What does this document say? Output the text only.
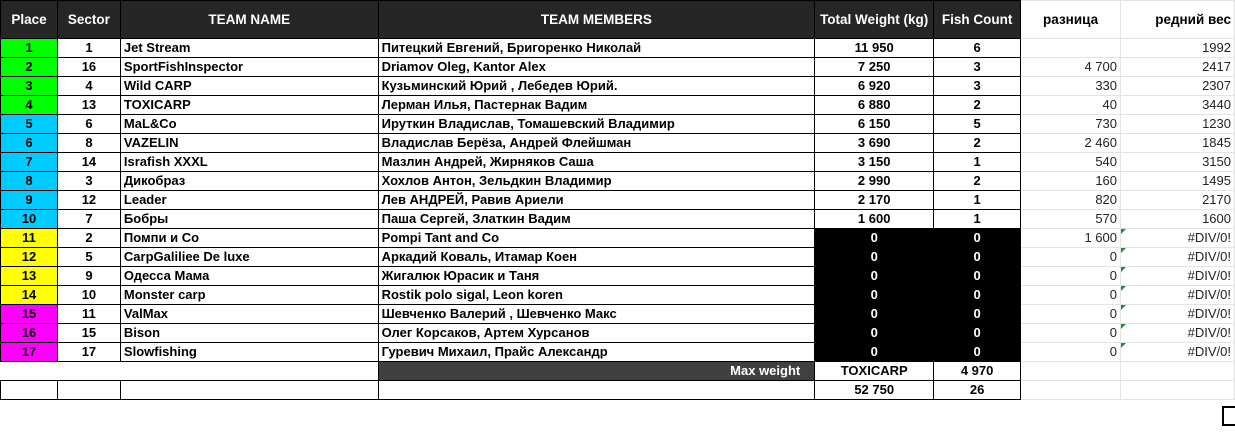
Place	Sector	TEAM NAME	TEAM MEMBERS	Total Weight (kg)	Fish Count	разница	редний вес
1	1	Jet Stream	Питецкий Евгений, Бригоренко Николай	11 950	6		1992
2	16	SportFishInspector	Driamov Oleg, Kantor Alex	7 250	3	4 700	2417
3	4	Wild CARP	Кузьминский Юрий , Лебедев Юрий.	6 920	3	330	2307
4	13	TOXICARP	Лерман Илья, Пастернак Вадим	6 880	2	40	3440
5	6	MaL&Co	Ируткин Владислав, Томашевский Владимир	6 150	5	730	1230
6	8	VAZELIN	Владислав Берёза, Андрей Флейшман	3 690	2	2 460	1845
7	14	Israfish XXXL	Мазлин Андрей, Жирняков Саша	3 150	1	540	3150
8	3	Дикобраз	Хохлов Антон, Зельдкин Владимир	2 990	2	160	1495
9	12	Leader	Лев АНДРЕЙ, Равив Ариели	2 170	1	820	2170
10	7	Бобры	Паша Сергей, Златкин Вадим	1 600	1	570	1600
11	2	Помпи и Со	Pompi Tant and Co	0	0	1 600	#DIV/0!
12	5	CarpGaliliee De luxe	Аркадий Коваль, Итамар Коен	0	0	0	#DIV/0!
13	9	Одесса Мама	Жигалюк Юрасик и Таня	0	0	0	#DIV/0!
14	10	Monster carp	Rostik polo sigal, Leon koren	0	0	0	#DIV/0!
15	11	ValMax	Шевченко Валерий , Шевченко Макс	0	0	0	#DIV/0!
16	15	Bison	Олег Корсаков, Артем Хурсанов	0	0	0	#DIV/0!
17	17	Slowfishing	Гуревич Михаил, Прайс Александр	0	0	0	#DIV/0!
			Max weight	TOXICARP	4 970		
				52 750	26		
